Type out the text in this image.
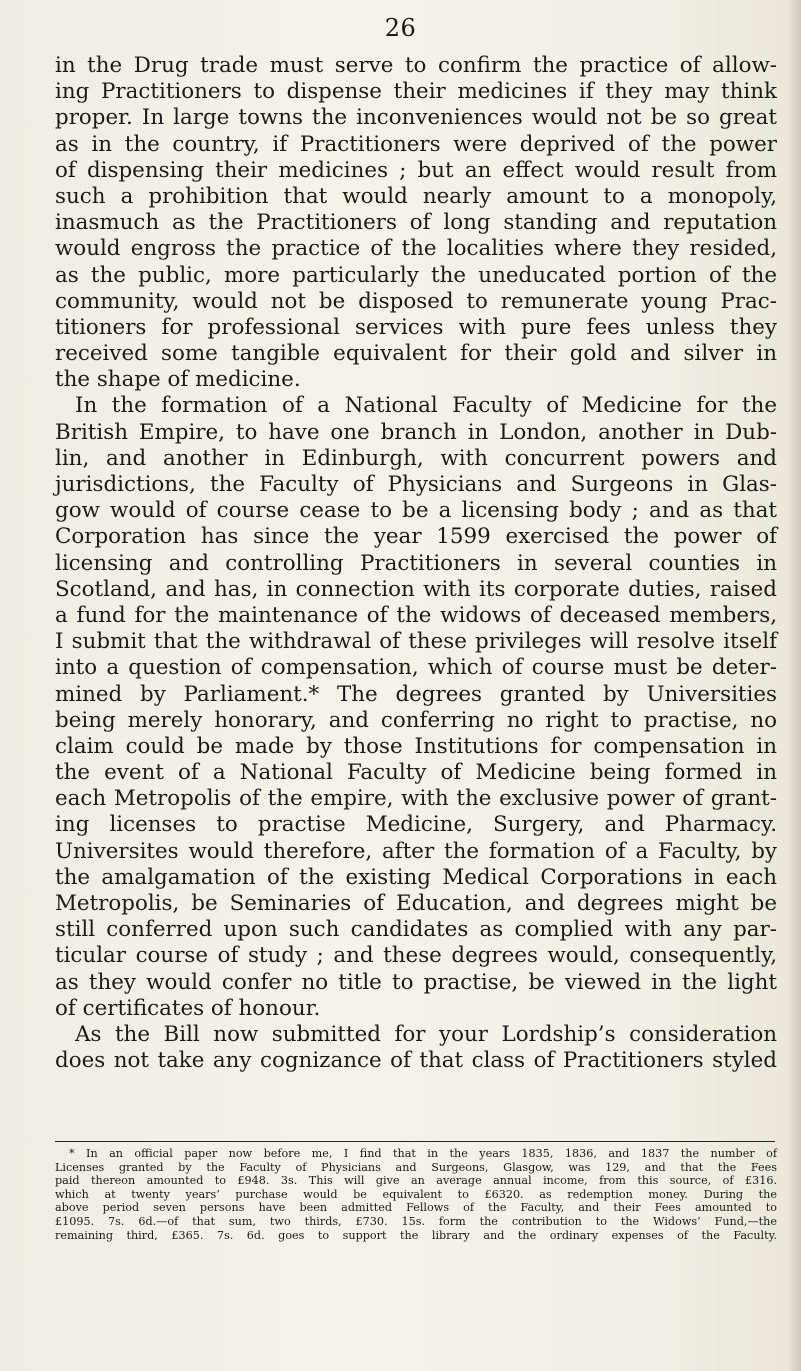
26
in the Drug trade must serve to confirm the practice of allow-
ing Practitioners to dispense their medicines if they may think
proper. In large towns the inconveniences would not be so great
as in the country, if Practitioners were deprived of the power
of dispensing their medicines ; but an effect would result from
such a prohibition that would nearly amount to a monopoly,
inasmuch as the Practitioners of long standing and reputation
would engross the practice of the localities where they resided,
as the public, more particularly the uneducated portion of the
community, would not be disposed to remunerate young Prac-
titioners for professional services with pure fees unless they
received some tangible equivalent for their gold and silver in
the shape of medicine.
In the formation of a National Faculty of Medicine for the
British Empire, to have one branch in London, another in Dub-
lin, and another in Edinburgh, with concurrent powers and
jurisdictions, the Faculty of Physicians and Surgeons in Glas-
gow would of course cease to be a licensing body ; and as that
Corporation has since the year 1599 exercised the power of
licensing and controlling Practitioners in several counties in
Scotland, and has, in connection with its corporate duties, raised
a fund for the maintenance of the widows of deceased members,
I submit that the withdrawal of these privileges will resolve itself
into a question of compensation, which of course must be deter-
mined by Parliament.* The degrees granted by Universities
being merely honorary, and conferring no right to practise, no
claim could be made by those Institutions for compensation in
the event of a National Faculty of Medicine being formed in
each Metropolis of the empire, with the exclusive power of grant-
ing licenses to practise Medicine, Surgery, and Pharmacy.
Universites would therefore, after the formation of a Faculty, by
the amalgamation of the existing Medical Corporations in each
Metropolis, be Seminaries of Education, and degrees might be
still conferred upon such candidates as complied with any par-
ticular course of study ; and these degrees would, consequently,
as they would confer no title to practise, be viewed in the light
of certificates of honour.
As the Bill now submitted for your Lordship’s consideration
does not take any cognizance of that class of Practitioners styled
* In an official paper now before me, I find that in the years 1835, 1836, and 1837 the number of
Licenses granted by the Faculty of Physicians and Surgeons, Glasgow, was 129, and that the Fees
paid thereon amounted to £948. 3s. This will give an average annual income, from this source, of £316.
which at twenty years’ purchase would be equivalent to £6320. as redemption money. During the
above period seven persons have been admitted Fellows of the Faculty, and their Fees amounted to
£1095. 7s. 6d.—of that sum, two thirds, £730. 15s. form the contribution to the Widows’ Fund,—the
remaining third, £365. 7s. 6d. goes to support the library and the ordinary expenses of the Faculty.
